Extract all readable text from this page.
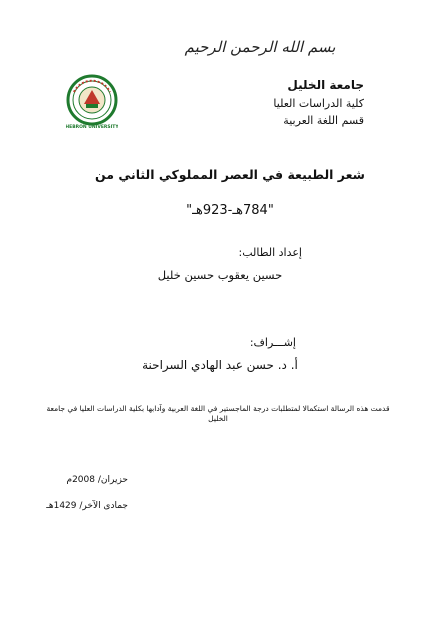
بسم الله الرحمن الرحيم
HEBRON UNIVERSITY
جامعة الخليل
كلية الدراسات العليا
قسم اللغة العربية
شعر الطبيعة في العصر المملوكي الثاني من
"784هـ-923هـ"
إعداد الطالب:
حسين يعقوب حسين خليل
إشـــراف:
أ. د. حسن عبد الهادي السراحنة
قدمت هذه الرسالة استكمالا لمتطلبات درجة الماجستير في اللغة العربية وآدابها بكلية الدراسات العليا في جامعة الخليل
حزيران/ 2008م
جمادى الآخر/ 1429هـ
